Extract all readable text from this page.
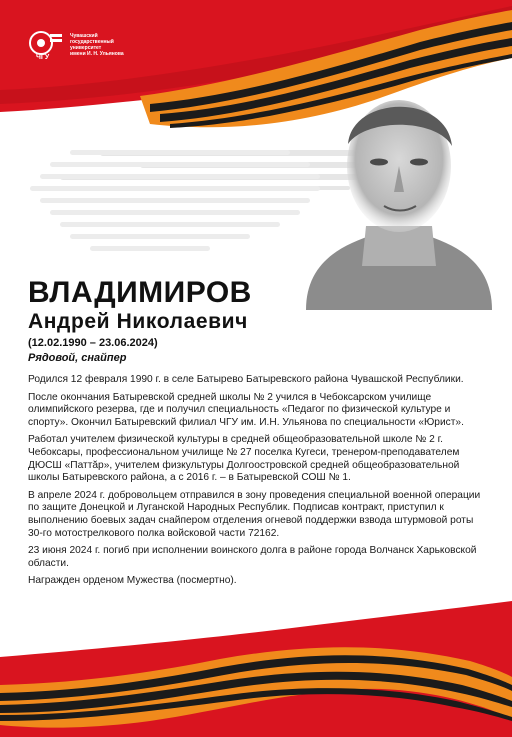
ЧГУ
Чувашский
государственный
университет
имени И. Н. Ульянова
ВЛАДИМИРОВ
Андрей Николаевич
(12.02.1990 – 23.06.2024)
Рядовой, снайпер

Родился 12 февраля 1990 г. в селе Батырево Батыревского района Чувашской Республики.

После окончания Батыревской средней школы № 2 учился в Чебоксарском училище олимпийского резерва, где и получил специальность «Педагог по физической культуре и спорту». Окончил Батыревский филиал ЧГУ им. И.Н. Ульянова по специальности «Юрист».

Работал учителем физической культуры в средней общеобразовательной школе № 2 г. Чебоксары, профессиональном училище № 27 поселка Кугеси, тренером-преподавателем ДЮСШ «Паттăр», учителем физкультуры Долгоостровской средней общеобразовательной школы Батыревского района, а с 2016 г. – в Батыревской СОШ № 1.

В апреле 2024 г. добровольцем отправился в зону проведения специальной военной операции по защите Донецкой и Луганской Народных Республик. Подписав контракт, приступил к выполнению боевых задач снайпером отделения огневой поддержки взвода штурмовой роты 30-го мотострелкового полка войсковой части 72162.

23 июня 2024 г. погиб при исполнении воинского долга в районе города Волчанск Харьковской области.

Награжден орденом Мужества (посмертно).
